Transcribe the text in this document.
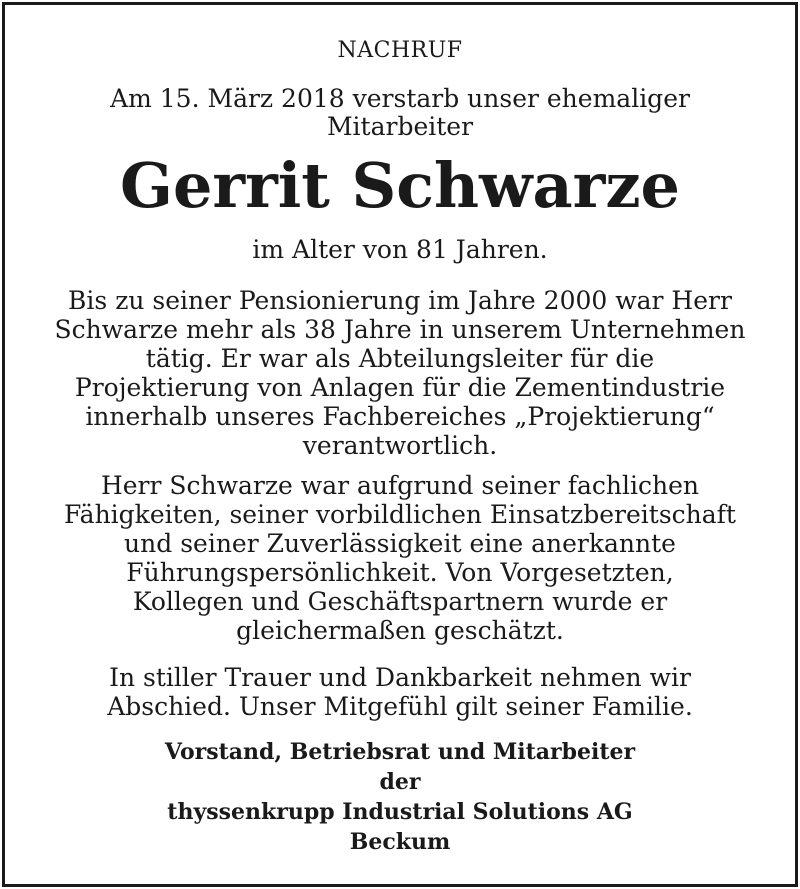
NACHRUF
Am 15. März 2018 verstarb unser ehemaliger
Mitarbeiter
Gerrit Schwarze
im Alter von 81 Jahren.
Bis zu seiner Pensionierung im Jahre 2000 war Herr
Schwarze mehr als 38 Jahre in unserem Unternehmen
tätig. Er war als Abteilungsleiter für die
Projektierung von Anlagen für die Zementindustrie
innerhalb unseres Fachbereiches „Projektierung“
verantwortlich.
Herr Schwarze war aufgrund seiner fachlichen
Fähigkeiten, seiner vorbildlichen Einsatzbereitschaft
und seiner Zuverlässigkeit eine anerkannte
Führungspersönlichkeit. Von Vorgesetzten,
Kollegen und Geschäftspartnern wurde er
gleichermaßen geschätzt.
In stiller Trauer und Dankbarkeit nehmen wir
Abschied. Unser Mitgefühl gilt seiner Familie.
Vorstand, Betriebsrat und Mitarbeiter
der
thyssenkrupp Industrial Solutions AG
Beckum
